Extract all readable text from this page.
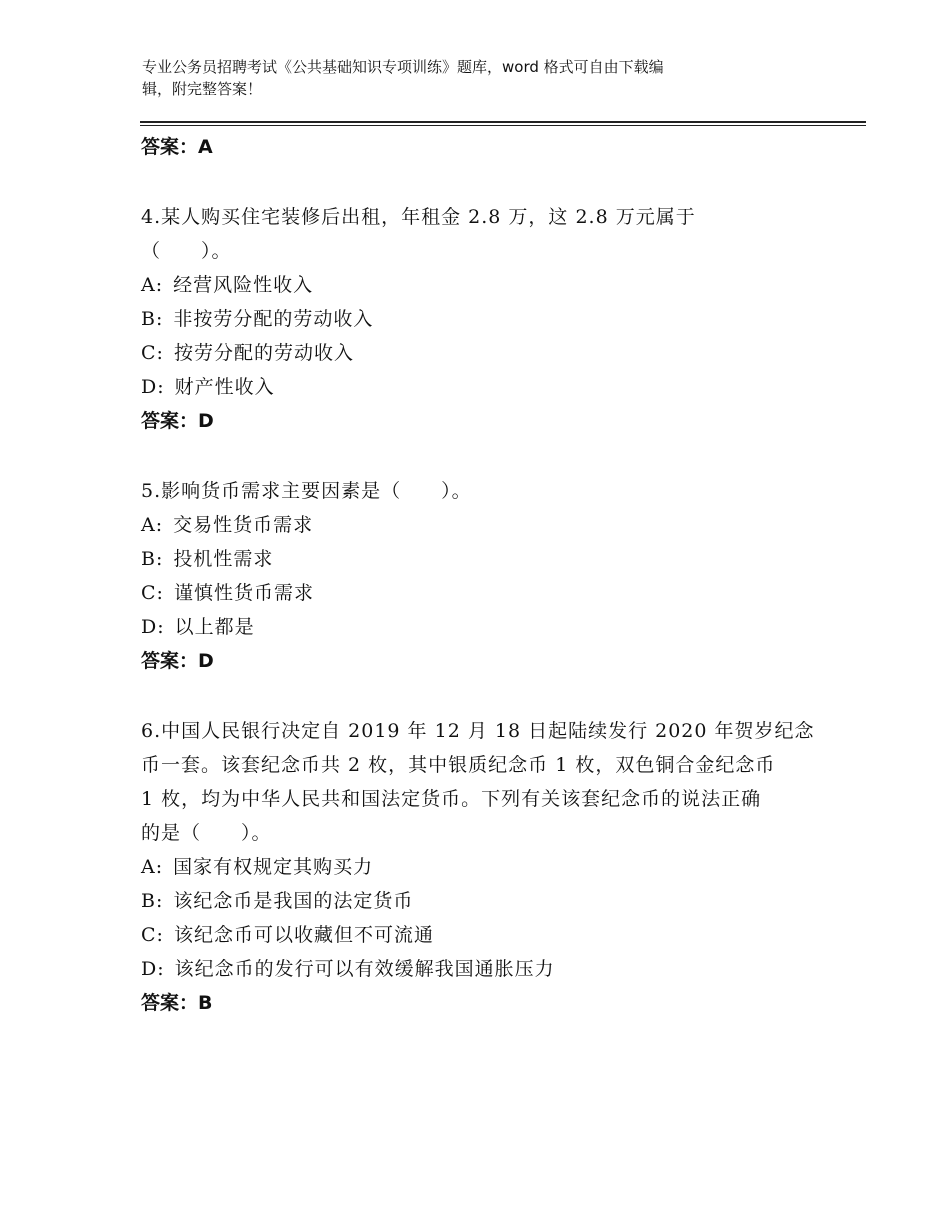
专业公务员招聘考试《公共基础知识专项训练》题库，word 格式可自由下载编
辑，附完整答案！
答案：A
4.某人购买住宅装修后出租，年租金 2.8 万，这 2.8 万元属于
（　　）。
A: 经营风险性收入
B: 非按劳分配的劳动收入
C: 按劳分配的劳动收入
D: 财产性收入
答案：D
5.影响货币需求主要因素是（　　）。
A: 交易性货币需求
B: 投机性需求
C: 谨慎性货币需求
D: 以上都是
答案：D
6.中国人民银行决定自 2019 年 12 月 18 日起陆续发行 2020 年贺岁纪念
币一套。该套纪念币共 2 枚，其中银质纪念币 1 枚，双色铜合金纪念币
1 枚，均为中华人民共和国法定货币。下列有关该套纪念币的说法正确
的是（　　）。
A: 国家有权规定其购买力
B: 该纪念币是我国的法定货币
C: 该纪念币可以收藏但不可流通
D: 该纪念币的发行可以有效缓解我国通胀压力
答案：B
